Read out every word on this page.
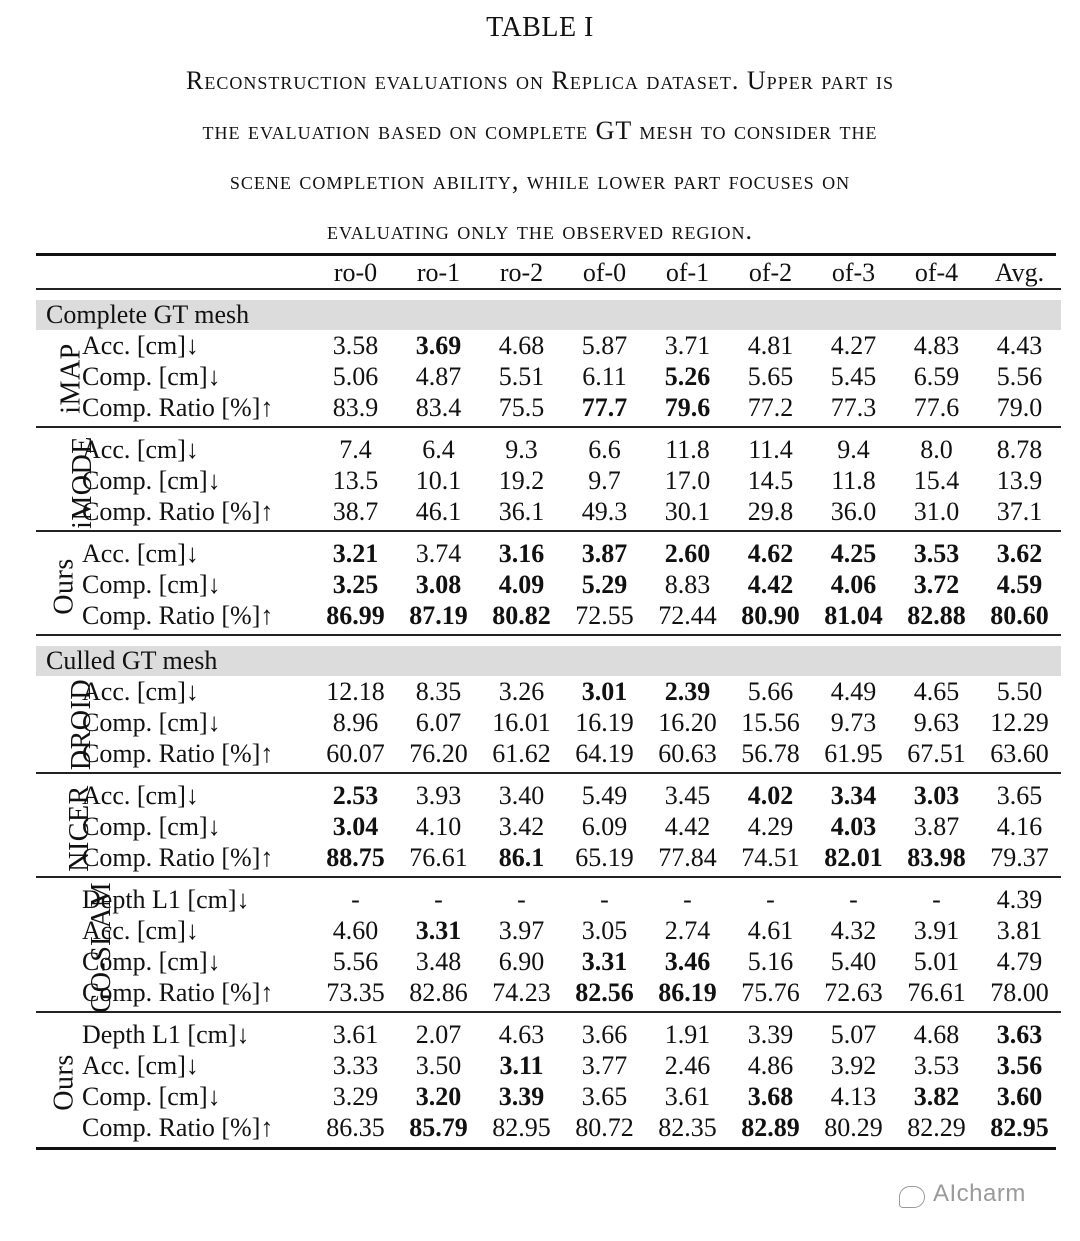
TABLE I
Reconstruction evaluations on Replica dataset. Upper part is
the evaluation based on complete GT mesh to consider the
scene completion ability, while lower part focuses on
evaluating only the observed region.
		ro-0	ro-1	ro-2	of-0	of-1	of-2	of-3	of-4	Avg.

Complete GT mesh										
iMAP	Acc. [cm]↓	3.58	3.69	4.68	5.87	3.71	4.81	4.27	4.83	4.43
	Comp. [cm]↓	5.06	4.87	5.51	6.11	5.26	5.65	5.45	6.59	5.56
	Comp. Ratio [%]↑	83.9	83.4	75.5	77.7	79.6	77.2	77.3	77.6	79.0

iMODE	Acc. [cm]↓	7.4	6.4	9.3	6.6	11.8	11.4	9.4	8.0	8.78
	Comp. [cm]↓	13.5	10.1	19.2	9.7	17.0	14.5	11.8	15.4	13.9
	Comp. Ratio [%]↑	38.7	46.1	36.1	49.3	30.1	29.8	36.0	31.0	37.1

Ours	Acc. [cm]↓	3.21	3.74	3.16	3.87	2.60	4.62	4.25	3.53	3.62
	Comp. [cm]↓	3.25	3.08	4.09	5.29	8.83	4.42	4.06	3.72	4.59
	Comp. Ratio [%]↑	86.99	87.19	80.82	72.55	72.44	80.90	81.04	82.88	80.60

Culled GT mesh										
DROID	Acc. [cm]↓	12.18	8.35	3.26	3.01	2.39	5.66	4.49	4.65	5.50
	Comp. [cm]↓	8.96	6.07	16.01	16.19	16.20	15.56	9.73	9.63	12.29
	Comp. Ratio [%]↑	60.07	76.20	61.62	64.19	60.63	56.78	61.95	67.51	63.60

NICER	Acc. [cm]↓	2.53	3.93	3.40	5.49	3.45	4.02	3.34	3.03	3.65
	Comp. [cm]↓	3.04	4.10	3.42	6.09	4.42	4.29	4.03	3.87	4.16
	Comp. Ratio [%]↑	88.75	76.61	86.1	65.19	77.84	74.51	82.01	83.98	79.37

GO-SLAM	Depth L1 [cm]↓	-	-	-	-	-	-	-	-	4.39
	Acc. [cm]↓	4.60	3.31	3.97	3.05	2.74	4.61	4.32	3.91	3.81
	Comp. [cm]↓	5.56	3.48	6.90	3.31	3.46	5.16	5.40	5.01	4.79
	Comp. Ratio [%]↑	73.35	82.86	74.23	82.56	86.19	75.76	72.63	76.61	78.00

Ours	Depth L1 [cm]↓	3.61	2.07	4.63	3.66	1.91	3.39	5.07	4.68	3.63
	Acc. [cm]↓	3.33	3.50	3.11	3.77	2.46	4.86	3.92	3.53	3.56
	Comp. [cm]↓	3.29	3.20	3.39	3.65	3.61	3.68	4.13	3.82	3.60
	Comp. Ratio [%]↑	86.35	85.79	82.95	80.72	82.35	82.89	80.29	82.29	82.95
AIcharm
